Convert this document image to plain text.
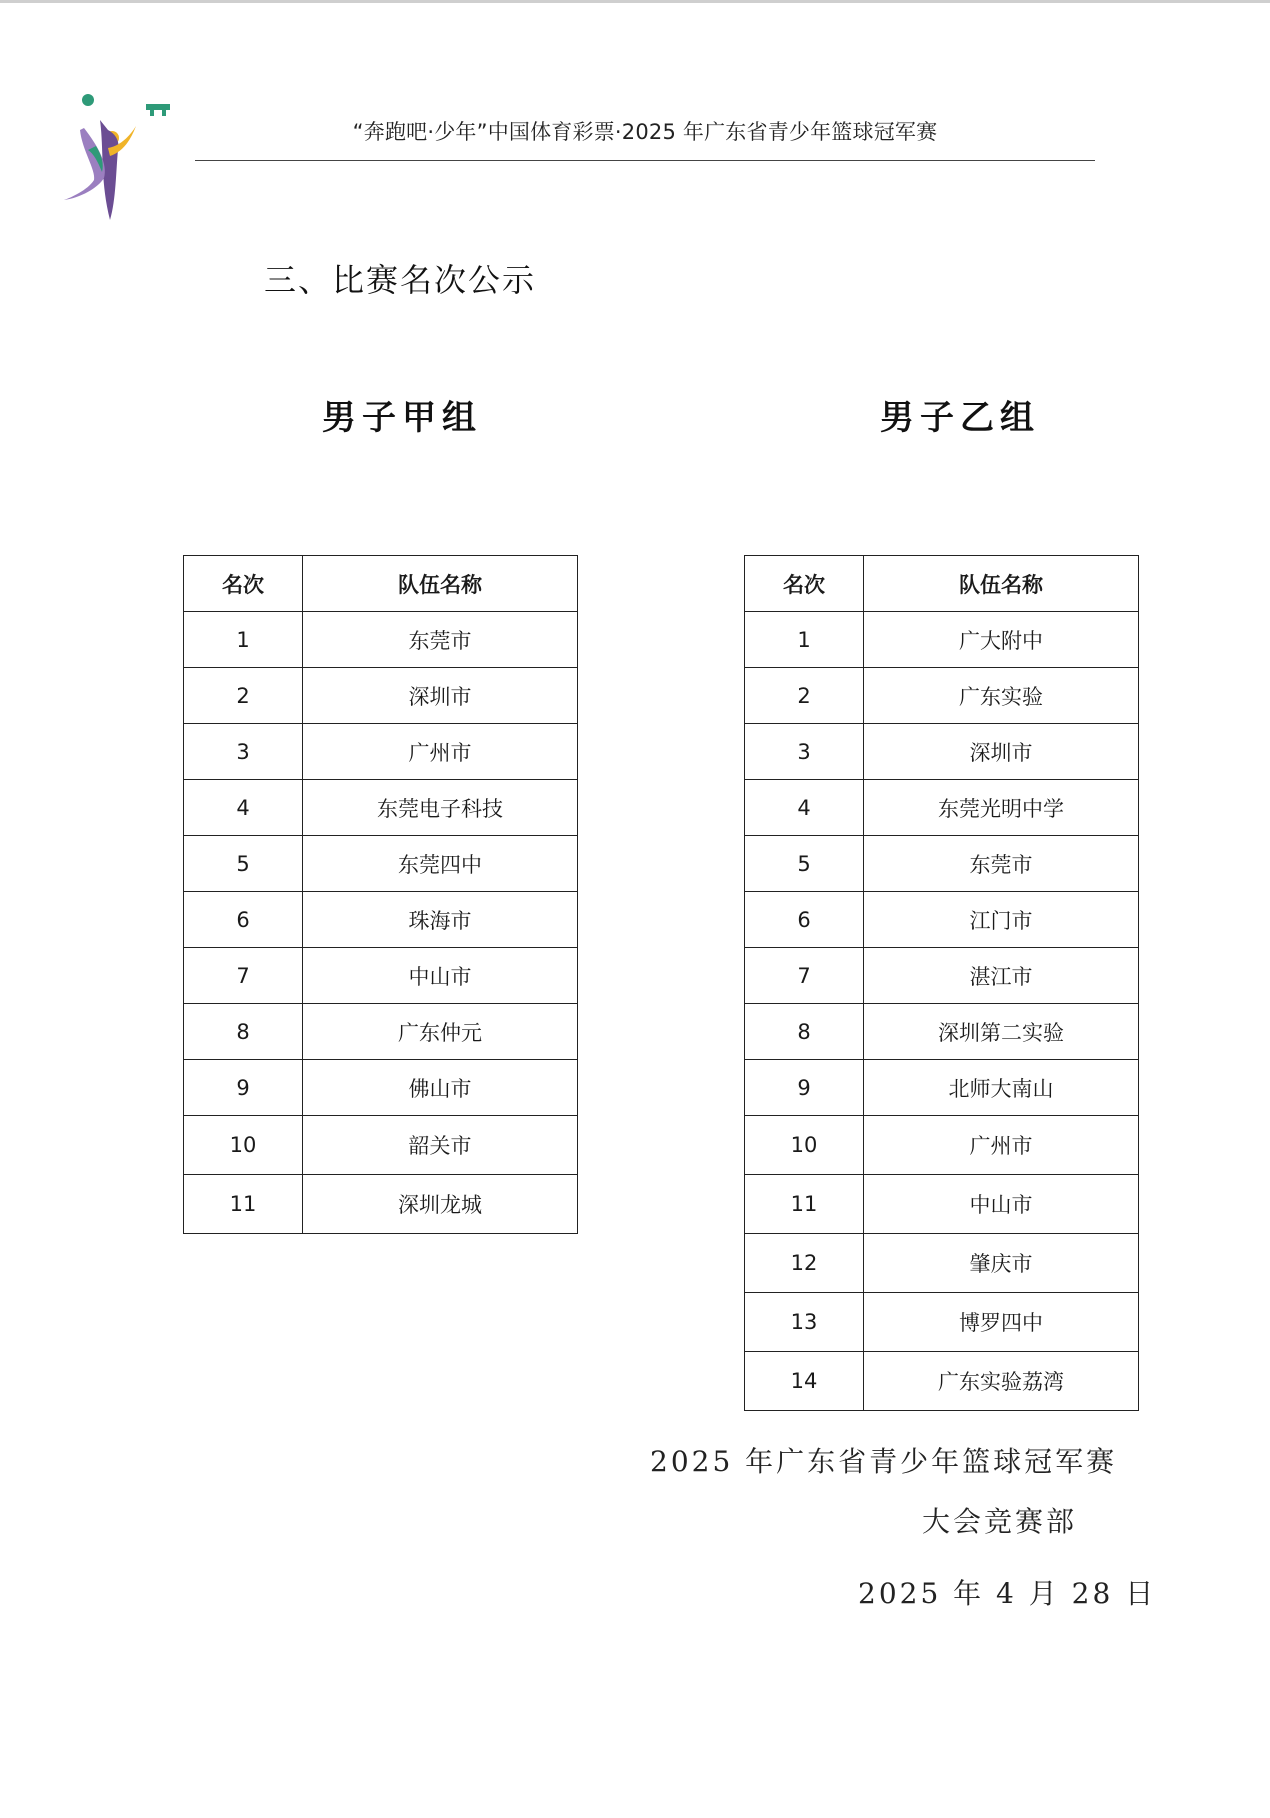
“奔跑吧·少年”中国体育彩票·2025 年广东省青少年篮球冠军赛
三、比赛名次公示
男子甲组	男子乙组
名次	队伍名称
1	东莞市
2	深圳市
3	广州市
4	东莞电子科技
5	东莞四中
6	珠海市
7	中山市
8	广东仲元
9	佛山市
10	韶关市
11	深圳龙城
名次	队伍名称
1	广大附中
2	广东实验
3	深圳市
4	东莞光明中学
5	东莞市
6	江门市
7	湛江市
8	深圳第二实验
9	北师大南山
10	广州市
11	中山市
12	肇庆市
13	博罗四中
14	广东实验荔湾
2025 年广东省青少年篮球冠军赛
大会竞赛部
2025 年 4 月 28 日
